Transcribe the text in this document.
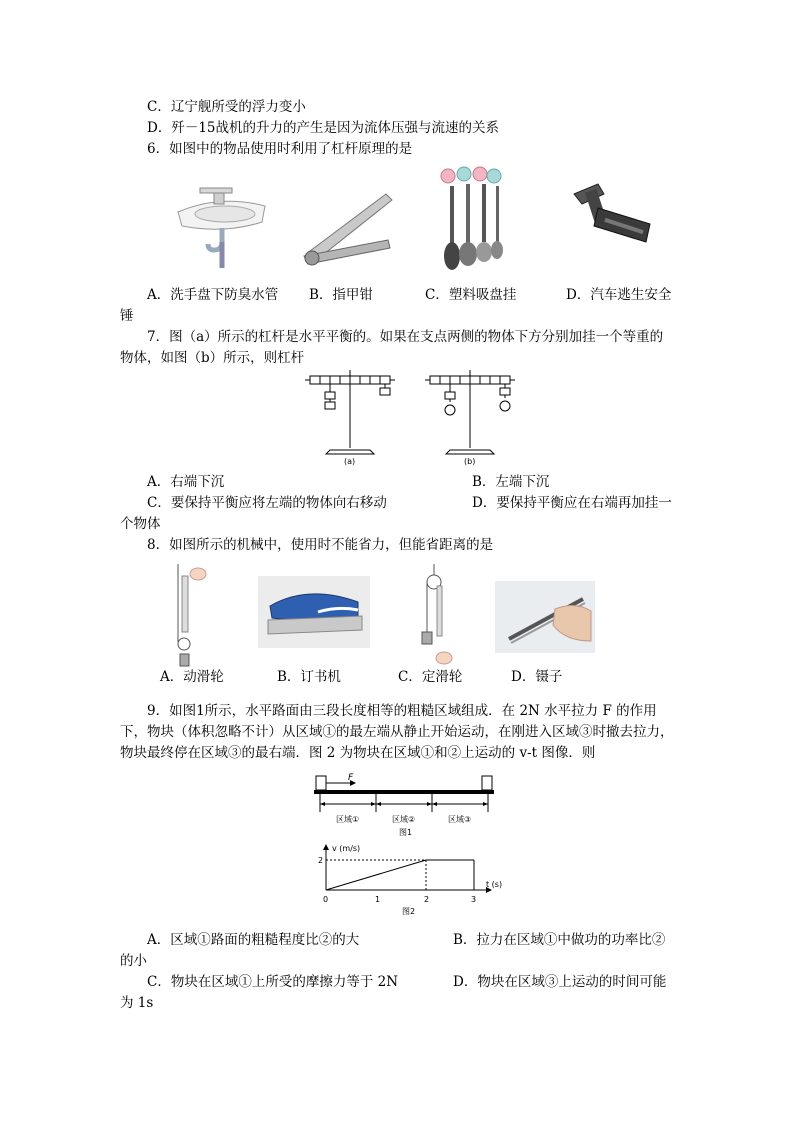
C．辽宁舰所受的浮力变小
D．歼－15战机的升力的产生是因为流体压强与流速的关系
6．如图中的物品使用时利用了杠杆原理的是
A．洗手盘下防臭水管 B．指甲钳	C．塑料吸盘挂	D．汽车逃生安全
锤
7．图（a）所示的杠杆是水平平衡的。如果在支点两侧的物体下方分别加挂一个等重的
物体，如图（b）所示，则杠杆
(a)	(b)
A．右端下沉	B．左端下沉
C．要保持平衡应将左端的物体向右移动	D．要保持平衡应在右端再加挂一
个物体
8．如图所示的机械中，使用时不能省力，但能省距离的是
A．动滑轮	B．订书机	C．定滑轮	D．镊子
9．如图1所示，水平路面由三段长度相等的粗糙区域组成．在 2N 水平拉力 F 的作用
下，物块（体积忽略不计）从区域①的最左端从静止开始运动，在刚进入区域③时撤去拉力，
物块最终停在区域③的最右端．图 2 为物块在区域①和②上运动的 v-t 图像．则
F
区域①	区域②	区域③
图1
v (m/s)
t (s)
2
0	1	2	3
图2
A．区域①路面的粗糙程度比②的大	B．拉力在区域①中做功的功率比②
的小
C．物块在区域①上所受的摩擦力等于 2N	D．物块在区域③上运动的时间可能
为 1s
